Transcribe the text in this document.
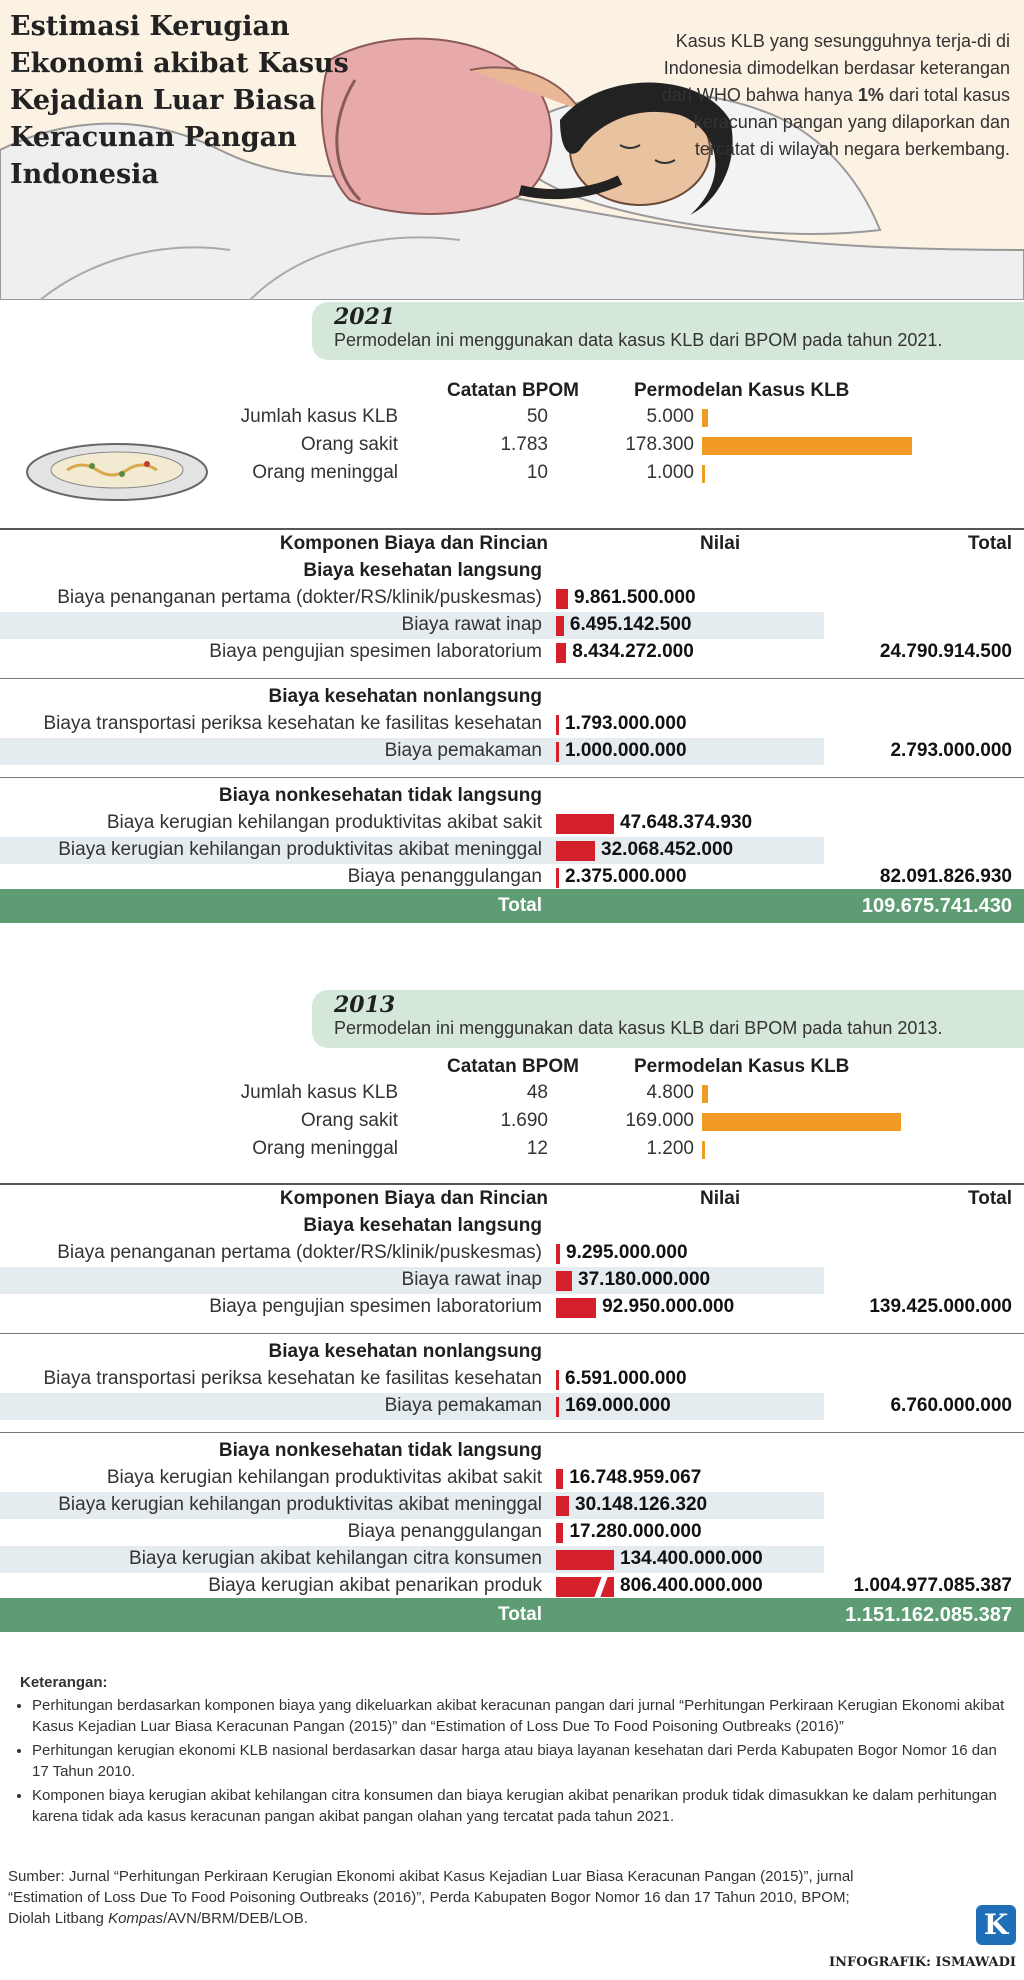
Estimasi Kerugian Ekonomi akibat Kasus Kejadian Luar Biasa Keracunan Pangan Indonesia
Kasus KLB yang sesungguhnya terja-di di Indonesia dimodelkan berdasar keterangan dari WHO bahwa hanya 1% dari total kasus keracunan pangan yang dilaporkan dan tercatat di wilayah negara berkembang.
2021
Permodelan ini menggunakan data kasus KLB dari BPOM pada tahun 2021.
Catatan BPOM	Permodelan Kasus KLB
Jumlah kasus KLB	50	5.000
Orang sakit	1.783	178.300
Orang meninggal	10	1.000
Komponen Biaya dan Rincian	Nilai	Total
Biaya kesehatan langsung
Biaya penanganan pertama (dokter/RS/klinik/puskesmas) 9.861.500.000
Biaya rawat inap 6.495.142.500
Biaya pengujian spesimen laboratorium 8.434.272.000	24.790.914.500
Biaya kesehatan nonlangsung
Biaya transportasi periksa kesehatan ke fasilitas kesehatan 1.793.000.000
Biaya pemakaman 1.000.000.000	2.793.000.000
Biaya nonkesehatan tidak langsung
Biaya kerugian kehilangan produktivitas akibat sakit	47.648.374.930
Biaya kerugian kehilangan produktivitas akibat meninggal	32.068.452.000
Biaya penanggulangan 2.375.000.000	82.091.826.930
Total	109.675.741.430
2013
Permodelan ini menggunakan data kasus KLB dari BPOM pada tahun 2013.
Catatan BPOM	Permodelan Kasus KLB
Jumlah kasus KLB	48	4.800
Orang sakit	1.690	169.000
Orang meninggal	12	1.200
Komponen Biaya dan Rincian	Nilai	Total
Biaya kesehatan langsung
Biaya penanganan pertama (dokter/RS/klinik/puskesmas) 9.295.000.000
Biaya rawat inap 37.180.000.000
Biaya pengujian spesimen laboratorium	92.950.000.000	139.425.000.000
Biaya kesehatan nonlangsung
Biaya transportasi periksa kesehatan ke fasilitas kesehatan 6.591.000.000
Biaya pemakaman 169.000.000	6.760.000.000
Biaya nonkesehatan tidak langsung
Biaya kerugian kehilangan produktivitas akibat sakit 16.748.959.067
Biaya kerugian kehilangan produktivitas akibat meninggal 30.148.126.320
Biaya penanggulangan 17.280.000.000
Biaya kerugian akibat kehilangan citra konsumen	134.400.000.000
Biaya kerugian akibat penarikan produk	806.400.000.000	1.004.977.085.387
Total	1.151.162.085.387
Keterangan:
• Perhitungan berdasarkan komponen biaya yang dikeluarkan akibat keracunan pangan dari jurnal “Perhitungan Perkiraan Kerugian Ekonomi akibat Kasus Kejadian Luar Biasa Keracunan Pangan (2015)” dan “Estimation of Loss Due To Food Poisoning Outbreaks (2016)”
• Perhitungan kerugian ekonomi KLB nasional berdasarkan dasar harga atau biaya layanan kesehatan dari Perda Kabupaten Bogor Nomor 16 dan 17 Tahun 2010.
• Komponen biaya kerugian akibat kehilangan citra konsumen dan biaya kerugian akibat penarikan produk tidak dimasukkan ke dalam perhitungan karena tidak ada kasus keracunan pangan akibat pangan olahan yang tercatat pada tahun 2021.
Sumber: Jurnal “Perhitungan Perkiraan Kerugian Ekonomi akibat Kasus Kejadian Luar Biasa Keracunan Pangan (2015)”, jurnal “Estimation of Loss Due To Food Poisoning Outbreaks (2016)”, Perda Kabupaten Bogor Nomor 16 dan 17 Tahun 2010, BPOM; Diolah Litbang Kompas/AVN/BRM/DEB/LOB.	K
INFOGRAFIK: ISMAWADI
